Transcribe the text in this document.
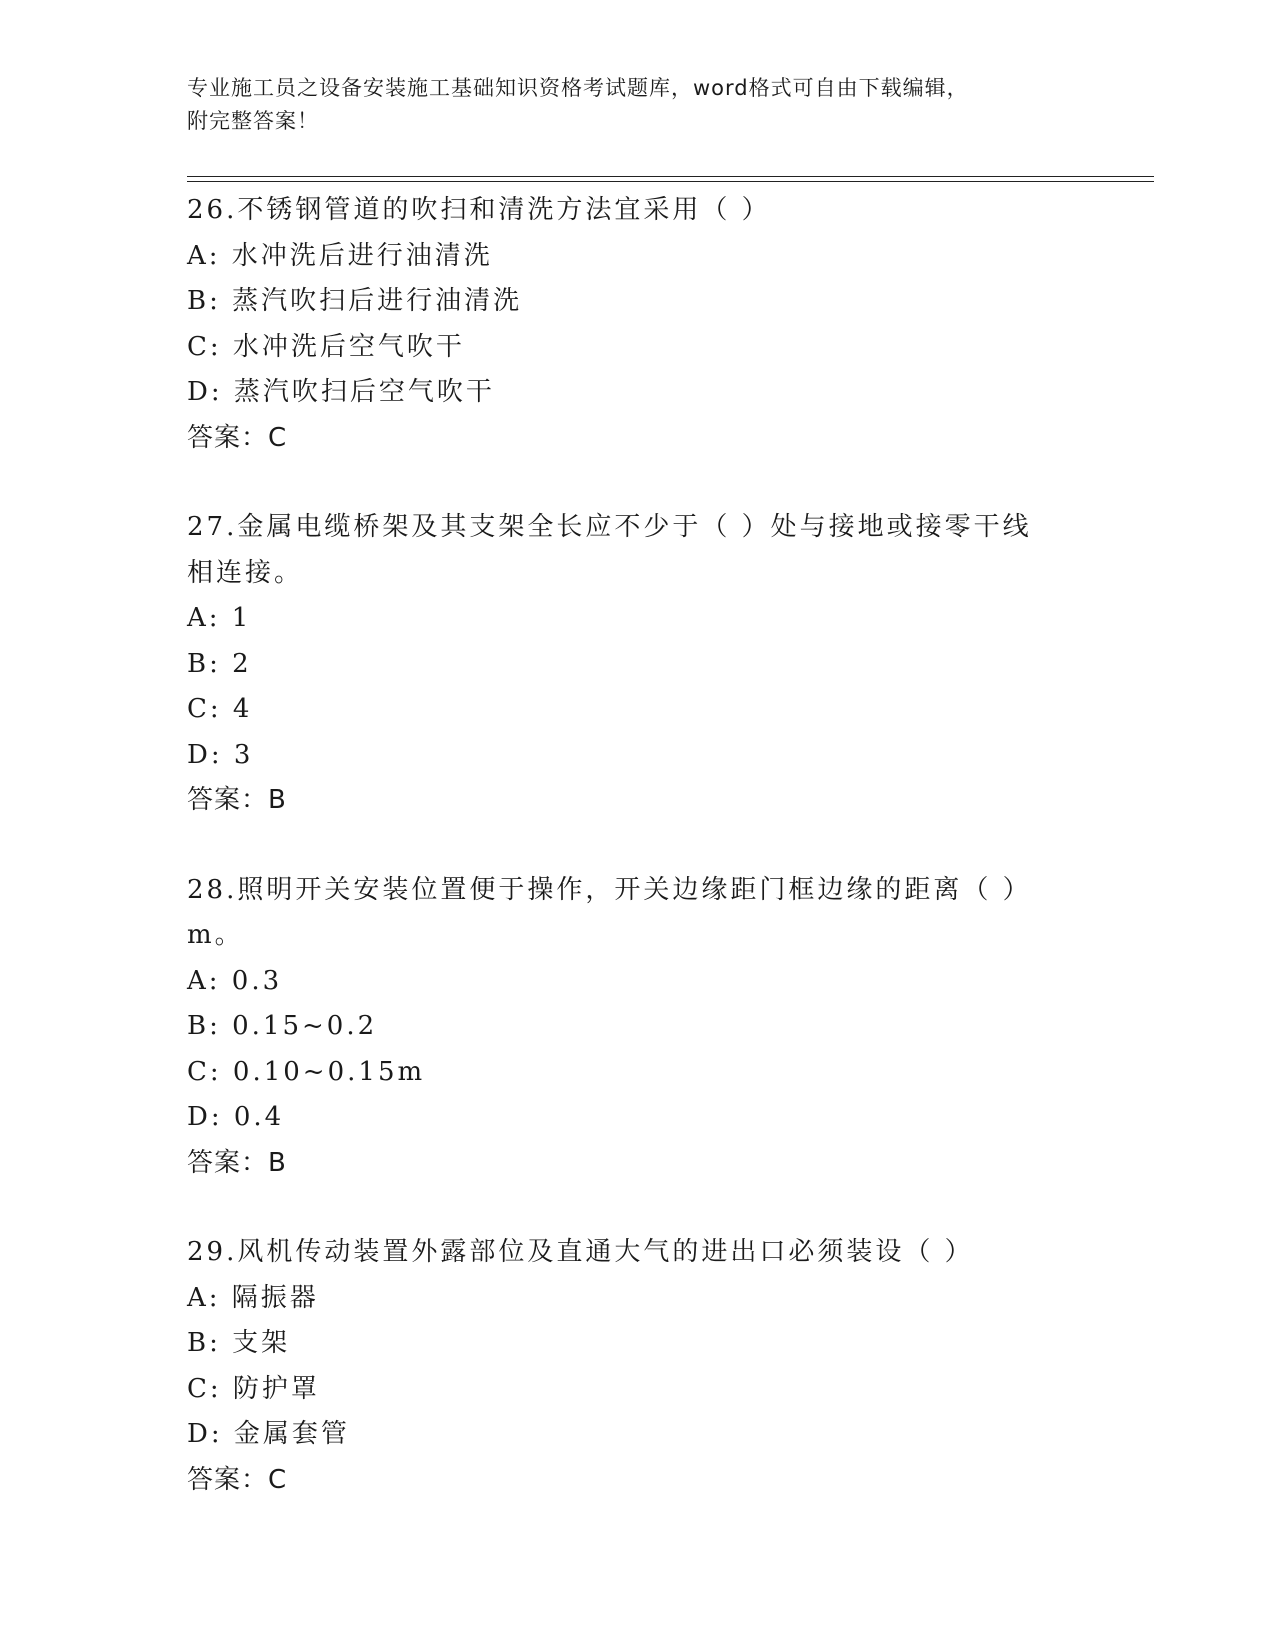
专业施工员之设备安装施工基础知识资格考试题库，word格式可自由下载编辑，
附完整答案！

26.不锈钢管道的吹扫和清洗方法宜采用（ ）

A: 水冲洗后进行油清洗

B: 蒸汽吹扫后进行油清洗

C: 水冲洗后空气吹干

D: 蒸汽吹扫后空气吹干

答案：C

27.金属电缆桥架及其支架全长应不少于（ ）处与接地或接零干线相连接。

A: 1

B: 2

C: 4

D: 3

答案：B

28.照明开关安装位置便于操作，开关边缘距门框边缘的距离（ ）m。

A: 0.3

B: 0.15~0.2

C: 0.10~0.15m

D: 0.4

答案：B

29.风机传动装置外露部位及直通大气的进出口必须装设（ ）

A: 隔振器

B: 支架

C: 防护罩

D: 金属套管

答案：C
